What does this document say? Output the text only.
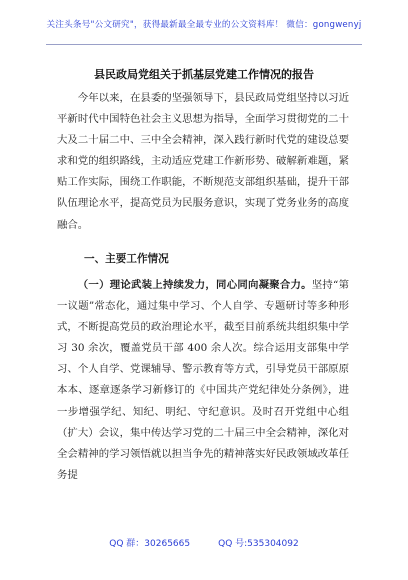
关注头条号"公文研究"，获得最新最全最专业的公文资料库！ 微信：gongwenyj
县民政局党组关于抓基层党建工作情况的报告

今年以来，在县委的坚强领导下，县民政局党组坚持以习近平新时代中国特色社会主义思想为指导，全面学习贯彻党的二十大及二十届二中、三中全会精神，深入践行新时代党的建设总要求和党的组织路线，主动适应党建工作新形势、破解新难题，紧贴工作实际，围绕工作职能，不断规范支部组织基础，提升干部队伍理论水平，提高党员为民服务意识，实现了党务业务的高度融合。

一、主要工作情况

（一）理论武装上持续发力，同心同向凝聚合力。坚持“第一议题”常态化，通过集中学习、个人自学、专题研讨等多种形式，不断提高党员的政治理论水平，截至目前系统共组织集中学习 30 余次，覆盖党员干部 400 余人次。综合运用支部集中学习、个人自学、党课辅导、警示教育等方式，引导党员干部原原本本、逐章逐条学习新修订的《中国共产党纪律处分条例》，进一步增强学纪、知纪、明纪、守纪意识。及时召开党组中心组（扩大）会议，集中传达学习党的二十届三中全会精神，深化对全会精神的学习领悟就以担当争先的精神落实好民政领域改革任务提

QQ 群：30265665	QQ 号:535304092
